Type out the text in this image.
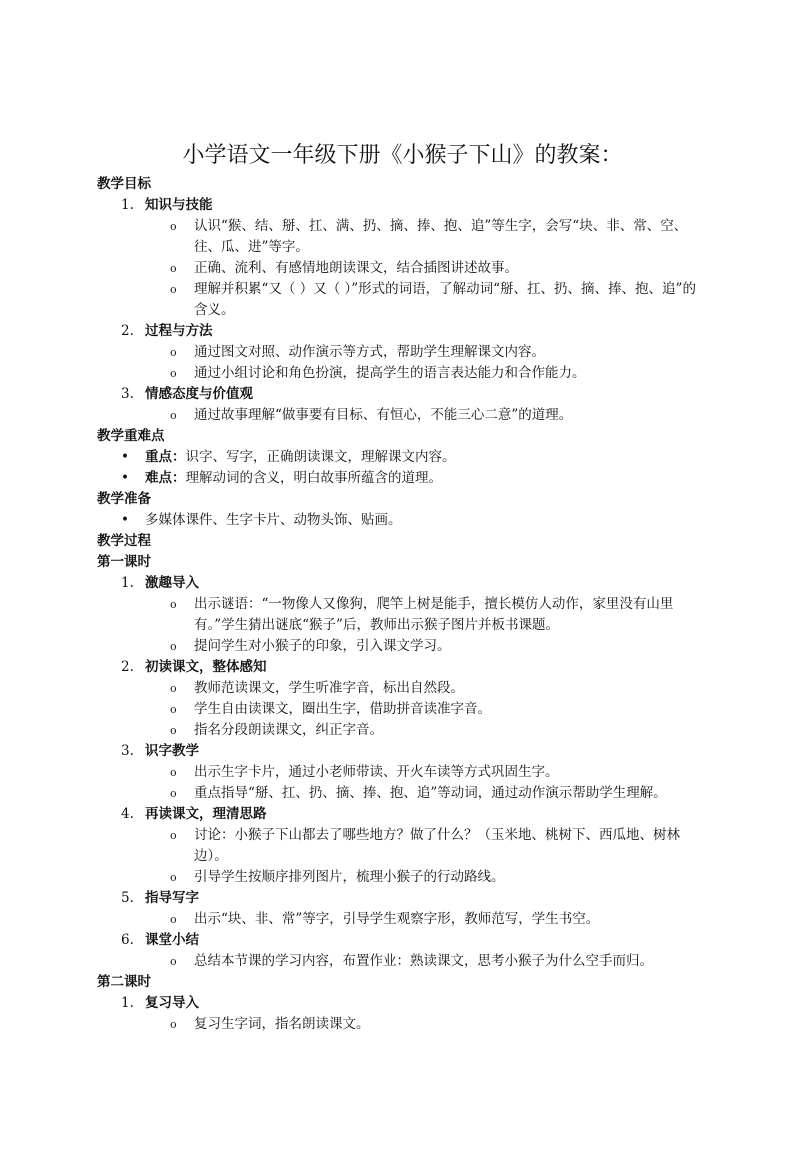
小学语文一年级下册《小猴子下山》的教案：
教学目标
1. 知识与技能
o 认识“猴、结、掰、扛、满、扔、摘、捧、抱、追”等生字，会写“块、非、常、空、往、瓜、进”等字。
o 正确、流利、有感情地朗读课文，结合插图讲述故事。
o 理解并积累“又（ ）又（ ）”形式的词语，了解动词“掰、扛、扔、摘、捧、抱、追”的含义。
2. 过程与方法
o 通过图文对照、动作演示等方式，帮助学生理解课文内容。
o 通过小组讨论和角色扮演，提高学生的语言表达能力和合作能力。
3. 情感态度与价值观
o 通过故事理解“做事要有目标、有恒心，不能三心二意”的道理。
教学重难点
• 重点：识字、写字，正确朗读课文，理解课文内容。
• 难点：理解动词的含义，明白故事所蕴含的道理。
教学准备
• 多媒体课件、生字卡片、动物头饰、贴画。
教学过程
第一课时
1. 激趣导入
o 出示谜语：“一物像人又像狗，爬竿上树是能手，擅长模仿人动作，家里没有山里有。”学生猜出谜底“猴子”后，教师出示猴子图片并板书课题。
o 提问学生对小猴子的印象，引入课文学习。
2. 初读课文，整体感知
o 教师范读课文，学生听准字音，标出自然段。
o 学生自由读课文，圈出生字，借助拼音读准字音。
o 指名分段朗读课文，纠正字音。
3. 识字教学
o 出示生字卡片，通过小老师带读、开火车读等方式巩固生字。
o 重点指导“掰、扛、扔、摘、捧、抱、追”等动词，通过动作演示帮助学生理解。
4. 再读课文，理清思路
o 讨论：小猴子下山都去了哪些地方？做了什么？（玉米地、桃树下、西瓜地、树林边）。
o 引导学生按顺序排列图片，梳理小猴子的行动路线。
5. 指导写字
o 出示“块、非、常”等字，引导学生观察字形，教师范写，学生书空。
6. 课堂小结
o 总结本节课的学习内容，布置作业：熟读课文，思考小猴子为什么空手而归。
第二课时
1. 复习导入
o 复习生字词，指名朗读课文。
